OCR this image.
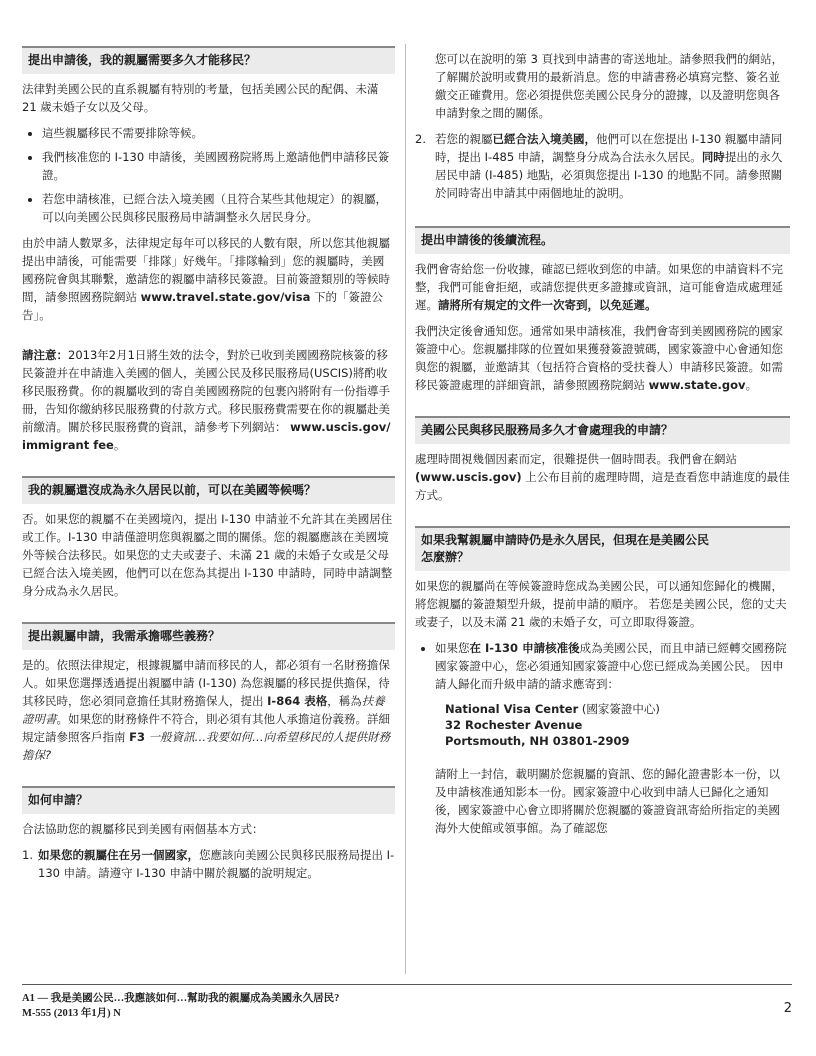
提出申請後，我的親屬需要多久才能移民？

法律對美國公民的直系親屬有特別的考量，包括美國公民的配偶、未滿 21 歲未婚子女以及父母。

• 這些親屬移民不需要排除等候。
• 我們核准您的 I-130 申請後，美國國務院將馬上邀請他們申請移民簽證。
• 若您申請核准，已經合法入境美國（且符合某些其他規定）的親屬，可以向美國公民與移民服務局申請調整永久居民身分。

由於申請人數眾多，法律規定每年可以移民的人數有限，所以您其他親屬提出申請後，可能需要「排隊」好幾年。「排隊輪到」您的親屬時，美國國務院會與其聯繫，邀請您的親屬申請移民簽證。目前簽證類別的等候時間，請參照國務院網站 www.travel.state.gov/visa 下的「簽證公告」。

請注意：2013年2月1日將生效的法令，對於已收到美國國務院核簽的移民簽證并在申請進入美國的個人，美國公民及移民服務局(USCIS)將酌收移民服務費。你的親屬收到的寄自美國國務院的包裹內將附有一份指導手冊，告知你繳納移民服務費的付款方式。移民服務費需要在你的親屬赴美前繳清。關於移民服務費的資訊，請參考下列網站： www.uscis.gov/ immigrant fee。

我的親屬還沒成為永久居民以前，可以在美國等候嗎？

否。如果您的親屬不在美國境內，提出 I-130 申請並不允許其在美國居住或工作。I-130 申請僅證明您與親屬之間的關係。您的親屬應該在美國境外等候合法移民。如果您的丈夫或妻子、未滿 21 歲的未婚子女或是父母已經合法入境美國，他們可以在您為其提出 I-130 申請時，同時申請調整身分成為永久居民。

提出親屬申請，我需承擔哪些義務？

是的。依照法律規定，根據親屬申請而移民的人，都必須有一名財務擔保人。如果您選擇透過提出親屬申請 (I-130) 為您親屬的移民提供擔保，待其移民時，您必須同意擔任其財務擔保人，提出 I-864 表格，稱為扶養證明書。如果您的財務條件不符合，則必須有其他人承擔這份義務。詳細規定請參照客戶指南 F3 一般資訊…我要如何…向希望移民的人提供財務擔保?

如何申請？

合法協助您的親屬移民到美國有兩個基本方式：

1. 如果您的親屬住在另一個國家，您應該向美國公民與移民服務局提出 I-130 申請。請遵守 I-130 申請中關於親屬的說明規定。

您可以在說明的第 3 頁找到申請書的寄送地址。請參照我們的網站，了解關於說明或費用的最新消息。您的申請書務必填寫完整、簽名並繳交正確費用。您必須提供您美國公民身分的證據，以及證明您與各申請對象之間的關係。

2. 若您的親屬已經合法入境美國，他們可以在您提出 I-130 親屬申請同時，提出 I-485 申請，調整身分成為合法永久居民。同時提出的永久居民申請 (I-485) 地點，必須與您提出 I-130 的地點不同。請參照關於同時寄出申請其中兩個地址的說明。
提出申請後的後續流程。

我們會寄給您一份收據，確認已經收到您的申請。如果您的申請資料不完整，我們可能會拒絕，或請您提供更多證據或資訊，這可能會造成處理延遲。請將所有規定的文件一次寄到，以免延遲。

我們決定後會通知您。通常如果申請核准，我們會寄到美國國務院的國家簽證中心。您親屬排隊的位置如果獲發簽證號碼，國家簽證中心會通知您與您的親屬，並邀請其（包括符合資格的受扶養人）申請移民簽證。如需移民簽證處理的詳細資訊，請參照國務院網站 www.state.gov。

美國公民與移民服務局多久才會處理我的申請？

處理時間視幾個因素而定，很難提供一個時間表。我們會在網站 (www.uscis.gov) 上公布目前的處理時間，這是查看您申請進度的最佳方式。

如果我幫親屬申請時仍是永久居民，但現在是美國公民
怎麼辦？

如果您的親屬尚在等候簽證時您成為美國公民，可以通知您歸化的機關，將您親屬的簽證類型升級，提前申請的順序。 若您是美國公民，您的丈夫或妻子，以及未滿 21 歲的未婚子女，可立即取得簽證。

• 如果您在 I-130 申請核准後成為美國公民，而且申請已經轉交國務院國家簽證中心，您必須通知國家簽證中心您已經成為美國公民。 因申請人歸化而升級申請的請求應寄到：
National Visa Center (國家簽證中心)
32 Rochester Avenue
Portsmouth, NH 03801-2909

請附上一封信，載明關於您親屬的資訊、您的歸化證書影本一份，以及申請核准通知影本一份。國家簽證中心收到申請人已歸化之通知後，國家簽證中心會立即將關於您親屬的簽證資訊寄給所指定的美國海外大使館或領事館。為了確認您

A1 — 我是美國公民…我應該如何…幫助我的親屬成為美國永久居民?
M-555 (2013 年1月) N	2
